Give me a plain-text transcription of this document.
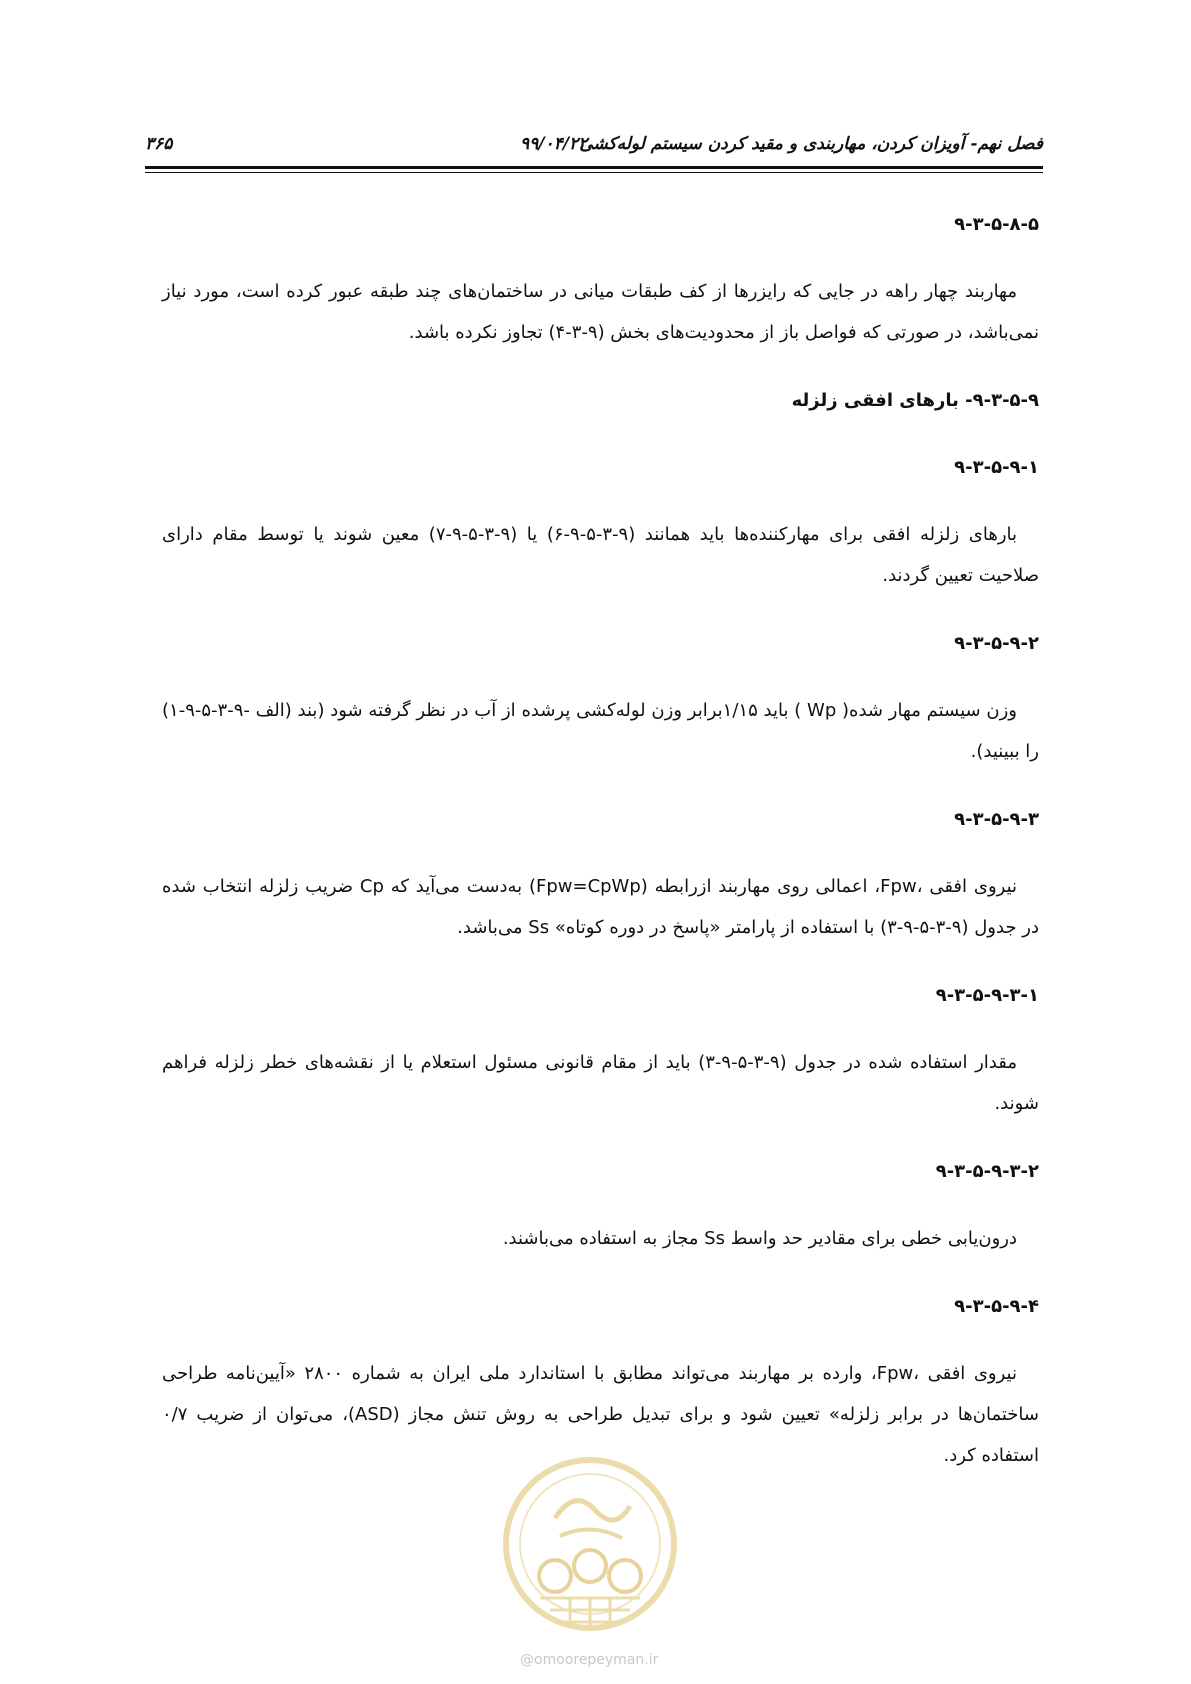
فصل نهم- آویزان کردن، مهاربندی و مقید کردن سیستم لوله‌کشی
۹۹/۰۴/۲۲
۳۶۵
۹-۳-۵-۸-۵
مهاربند چهار راهه در جایی که رایزرها از کف طبقات میانی در ساختمان‌های چند طبقه عبور کرده است، مورد نیاز نمی‌باشد، در صورتی که فواصل باز از محدودیت‌های بخش (۹-۳-۴) تجاوز نکرده باشد.
۹-۳-۵-۹- بارهای افقی زلزله
۹-۳-۵-۹-۱
بارهای زلزله افقی برای مهارکننده‌ها باید همانند (۹-۳-۵-۹-۶) یا (۹-۳-۵-۹-۷) معین شوند یا توسط مقام دارای صلاحیت تعیین گردند.
۹-۳-۵-۹-۲
وزن سیستم مهار شده( Wp ) باید ۱/۱۵برابر وزن لوله‌کشی پرشده از آب در نظر گرفته شود (بند (الف -۹-۳-۵-۹-۱) را ببینید).
۹-۳-۵-۹-۳
نیروی افقی ،Fpw، اعمالی روی مهاربند ازرابطه (Fpw=CpWp) به‌دست می‌آید که Cp ضریب زلزله انتخاب شده در جدول (۹-۳-۵-۹-۳) با استفاده از پارامتر «پاسخ در دوره کوتاه» Ss می‌باشد.
۹-۳-۵-۹-۳-۱
مقدار استفاده شده در جدول (۹-۳-۵-۹-۳) باید از مقام قانونی مسئول استعلام یا از نقشه‌های خطر زلزله فراهم شوند.
۹-۳-۵-۹-۳-۲
درون‌یابی خطی برای مقادیر حد واسط Ss مجاز به استفاده می‌باشند.
۹-۳-۵-۹-۴
نیروی افقی ،Fpw، وارده بر مهاربند می‌تواند مطابق با استاندارد ملی ایران به شماره ۲۸۰۰ «آیین‌نامه طراحی ساختمان‌ها در برابر زلزله» تعیین شود و برای تبدیل طراحی به روش تنش مجاز (ASD)، می‌توان از ضریب ۰/۷ استفاده کرد.
@omoorepeyman.ir
